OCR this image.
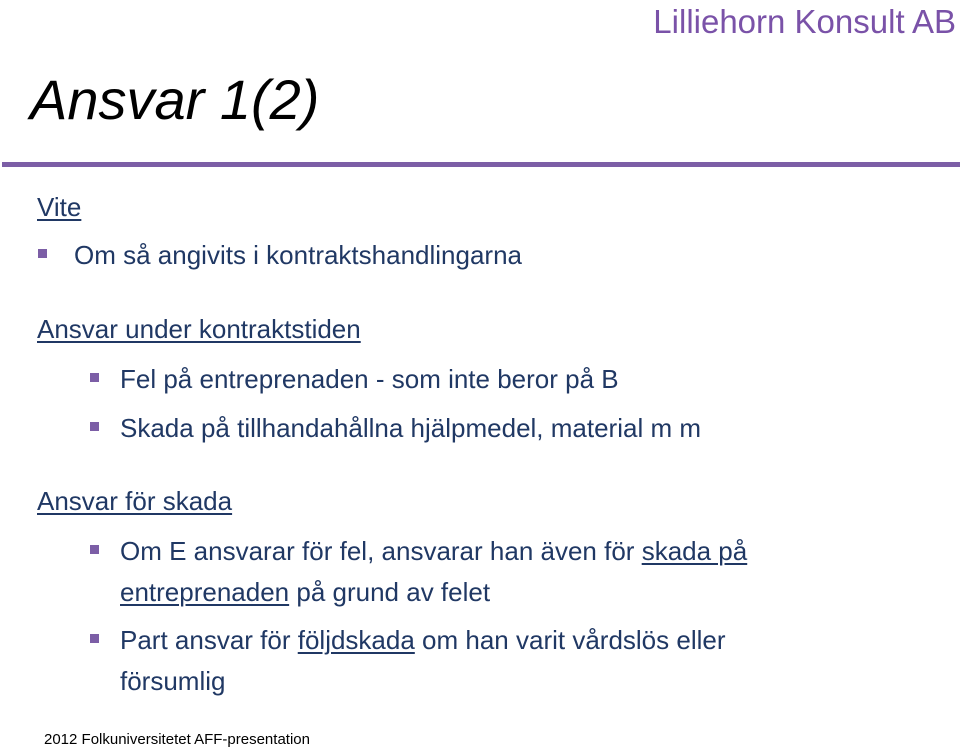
Lilliehorn Konsult AB
Ansvar 1(2)
Vite
Om så angivits i kontraktshandlingarna
Ansvar under kontraktstiden
Fel på entreprenaden - som inte beror på B
Skada på tillhandahållna hjälpmedel, material m m
Ansvar för skada
Om E ansvarar för fel, ansvarar han även för skada på
entreprenaden på grund av felet
Part ansvar för följdskada om han varit vårdslös eller
försumlig
2012 Folkuniversitetet AFF-presentation
